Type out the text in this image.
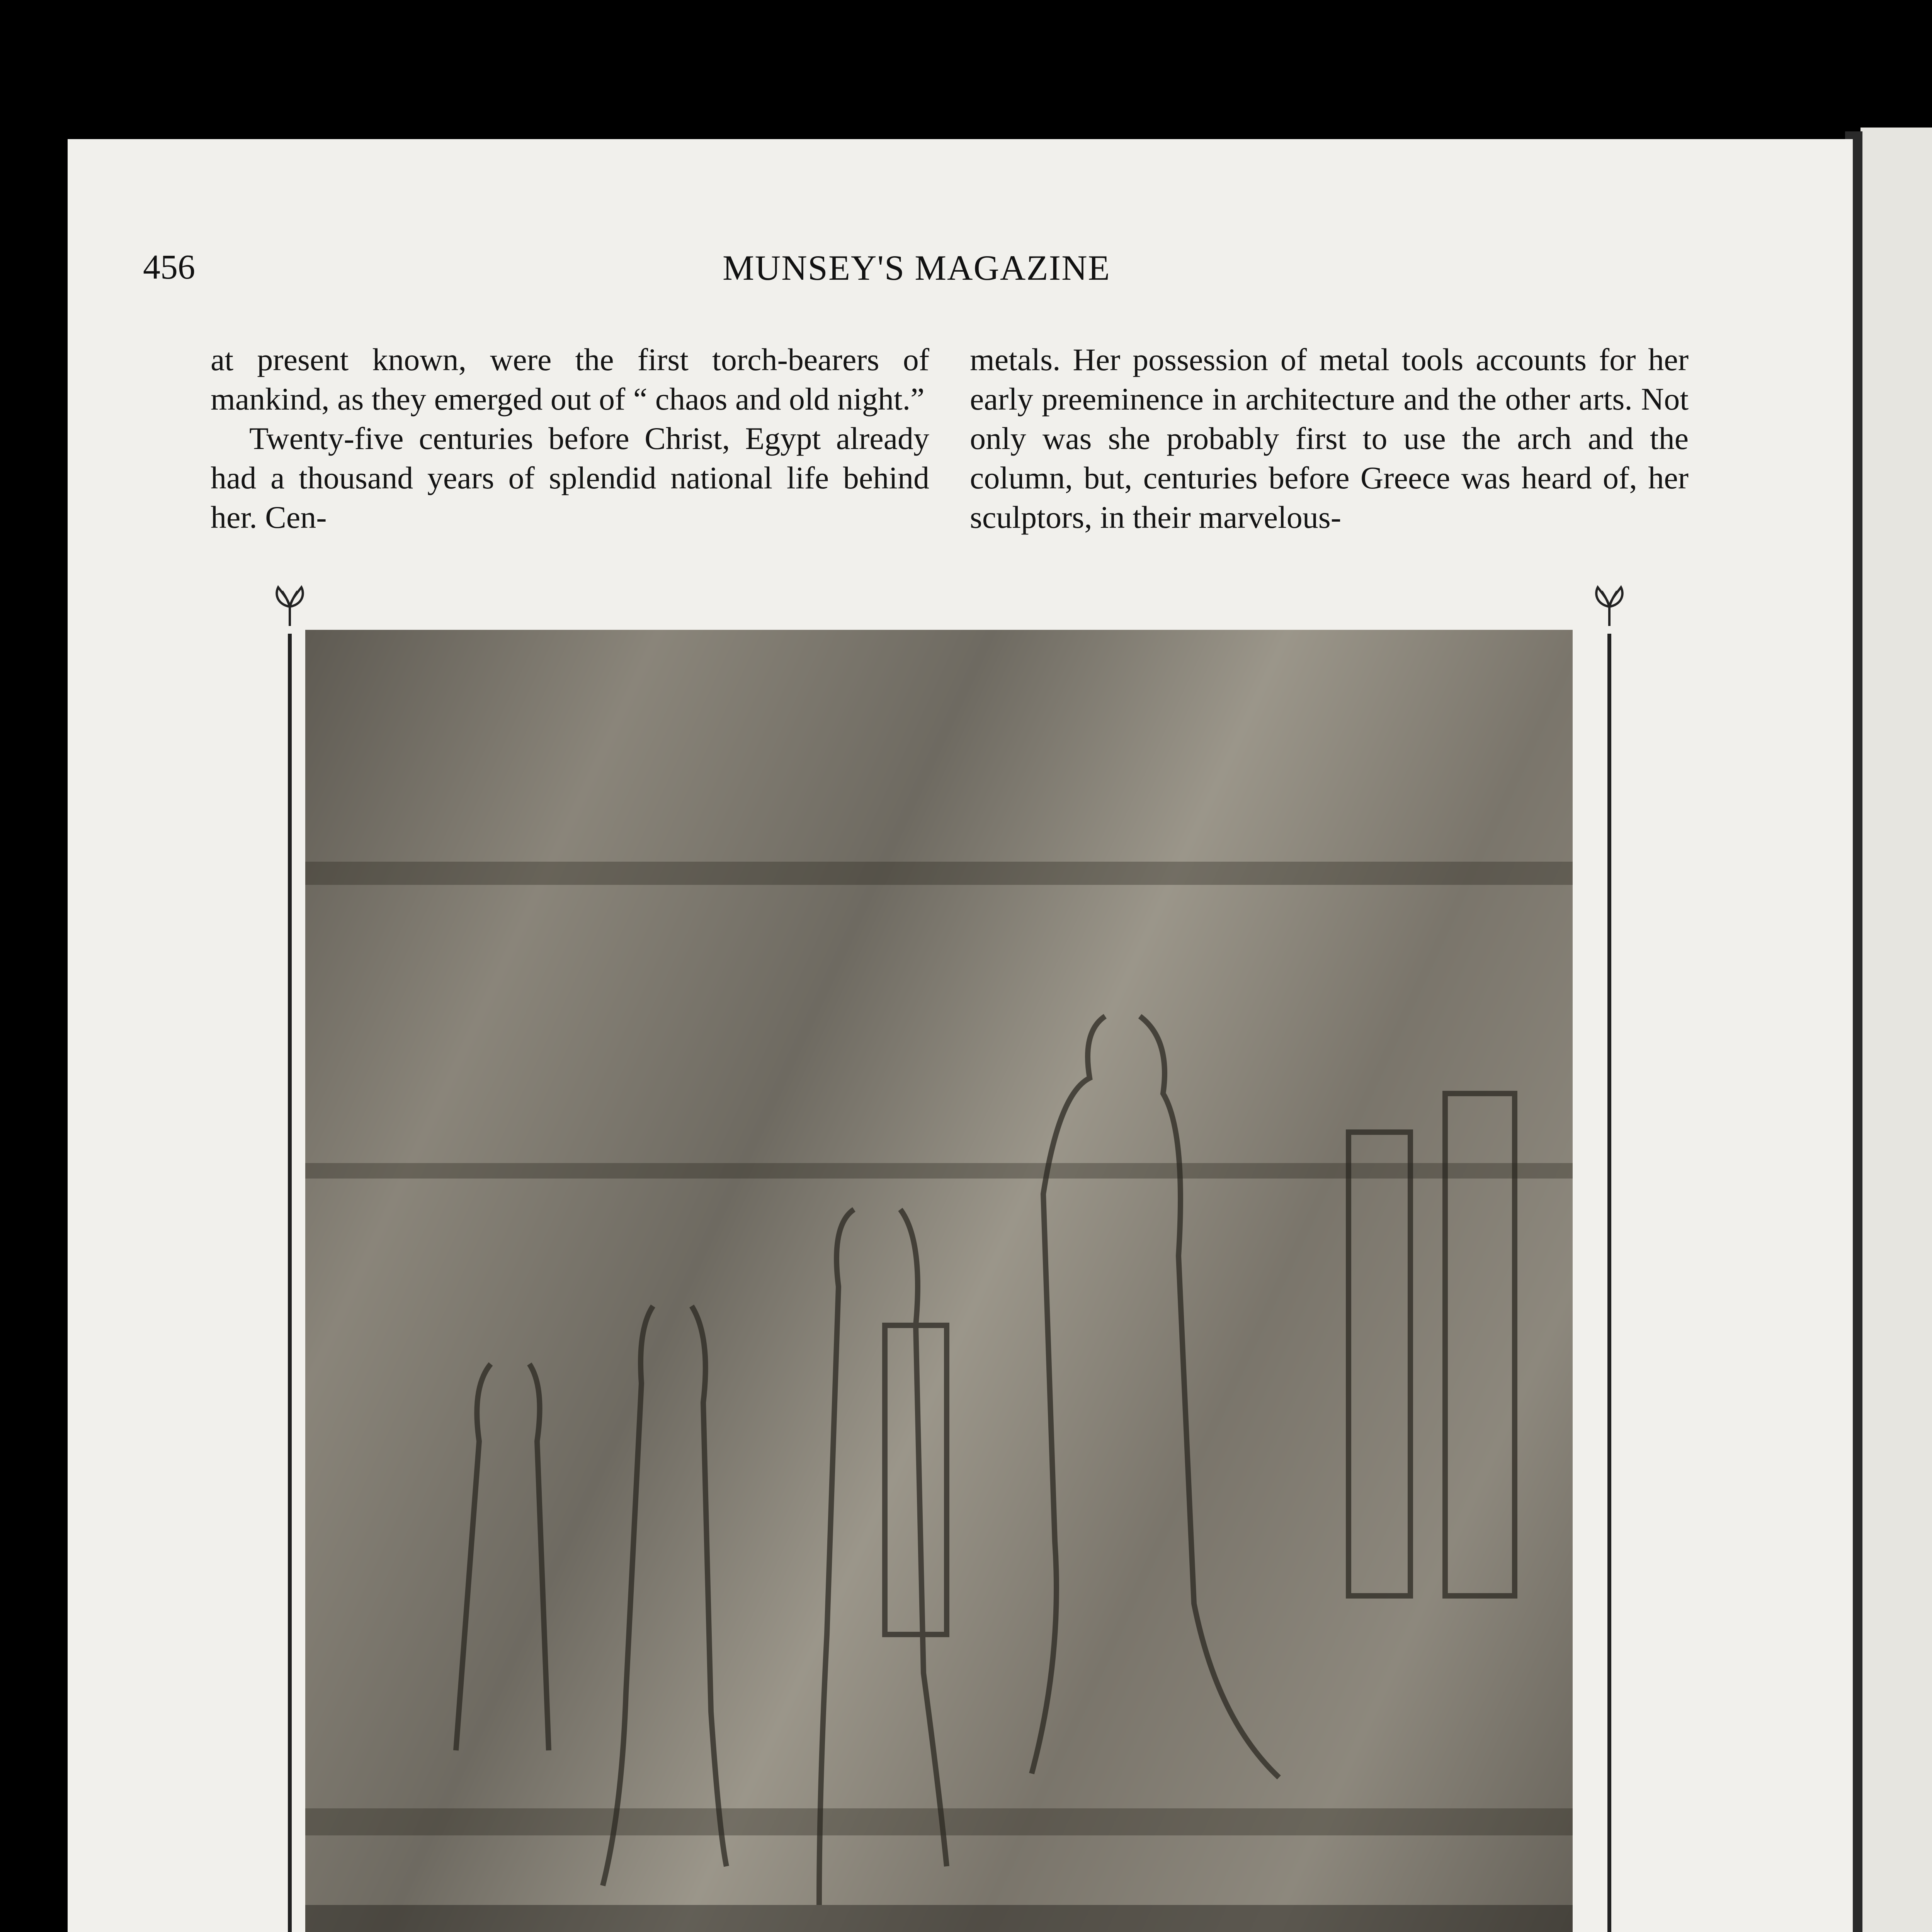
456	MUNSEY'S MAGAZINE

at present known, were the first torch-bearers of mankind, as they emerged out of “ chaos and old night.”

Twenty-five centuries before Christ, Egypt already had a thousand years of splendid national life behind her. Cen-

metals. Her possession of metal tools accounts for her early preeminence in architecture and the other arts. Not only was she probably first to use the arch and the column, but, centuries before Greece was heard of, her sculptors, in their marvelous-
